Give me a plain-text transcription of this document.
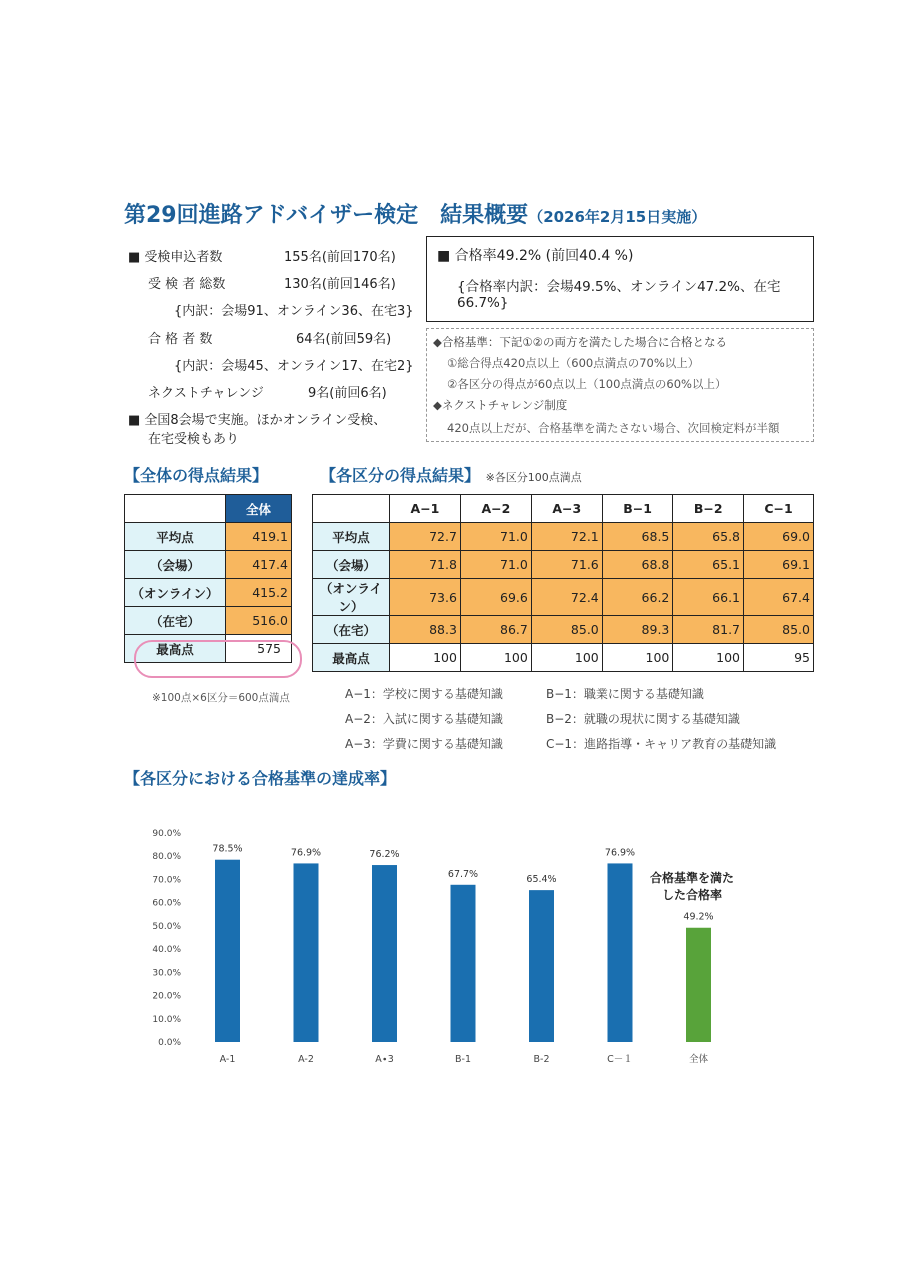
第29回進路アドバイザー検定　結果概要（2026年2月15日実施）
■ 受検申込者数	155名(前回170名)
受 検 者 総数	130名(前回146名)
{内訳：会場91、オンライン36、在宅3}
合 格 者 数	64名(前回59名)
{内訳：会場45、オンライン17、在宅2}
ネクストチャレンジ	9名(前回6名)
■ 全国8会場で実施。ほかオンライン受検、
在宅受検もあり
■ 合格率49.2% (前回40.4 %)
{合格率内訳：会場49.5%、オンライン47.2%、在宅
66.7%}
◆合格基準：下記①②の両方を満たした場合に合格となる
①総合得点420点以上（600点満点の70%以上）
②各区分の得点が60点以上（100点満点の60%以上）
◆ネクストチャレンジ制度
420点以上だが、合格基準を満たさない場合、次回検定料が半額
【全体の得点結果】	【各区分の得点結果】 ※各区分100点満点
	全体
平均点	419.1
（会場）	417.4
（オンライン）	415.2
（在宅）	516.0
最高点	575
※100点×6区分＝600点満点
	A−1	A−2	A−3	B−1	B−2	C−1
平均点	72.7	71.0	72.1	68.5	65.8	69.0
（会場）	71.8	71.0	71.6	68.8	65.1	69.1
（オンライン）	73.6	69.6	72.4	66.2	66.1	67.4
（在宅）	88.3	86.7	85.0	89.3	81.7	85.0
最高点	100	100	100	100	100	95
A−1：学校に関する基礎知識	B−1：職業に関する基礎知識
A−2：入試に関する基礎知識	B−2：就職の現状に関する基礎知識
A−3：学費に関する基礎知識	C−1：進路指導・キャリア教育の基礎知識
【各区分における合格基準の達成率】
0.0%
10.0%
20.0%
30.0%
40.0%
50.0%
60.0%
70.0%
80.0%
90.0%
78.5%
A-1
76.9%
A-2
76.2%
A∙3
67.7%
B-1
65.4%
B-2
76.9%
C－１
49.2%
全体
合格基準を満た
した合格率
